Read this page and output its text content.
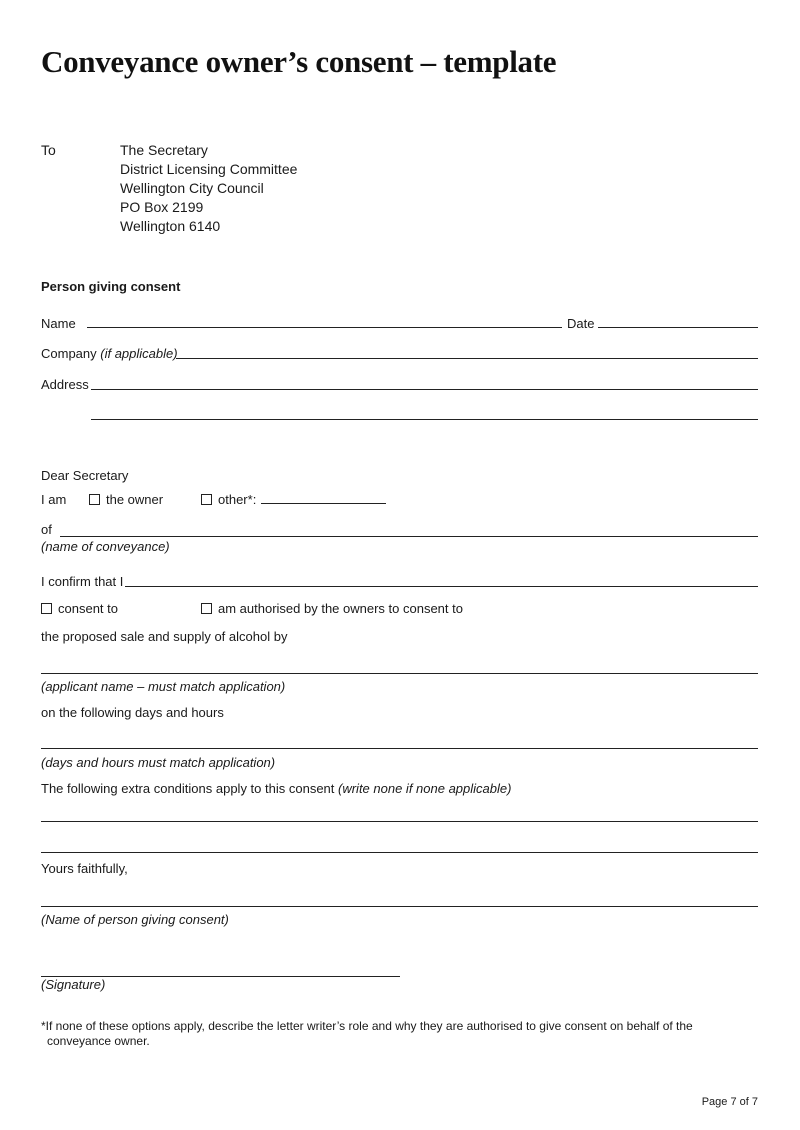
Conveyance owner’s consent – template
To	The Secretary
District Licensing Committee
Wellington City Council
PO Box 2199
Wellington 6140
Person giving consent
Name	Date
Company (if applicable)
Address
Dear Secretary
I am	the owner	other*:
of
(name of conveyance)
I confirm that I
consent to	am authorised by the owners to consent to
the proposed sale and supply of alcohol by
(applicant name – must match application)
on the following days and hours
(days and hours must match application)
The following extra conditions apply to this consent (write none if none applicable)
Yours faithfully,
(Name of person giving consent)
(Signature)
*If none of these options apply, describe the letter writer’s role and why they are authorised to give consent on behalf of the conveyance owner.
Page 7 of 7
